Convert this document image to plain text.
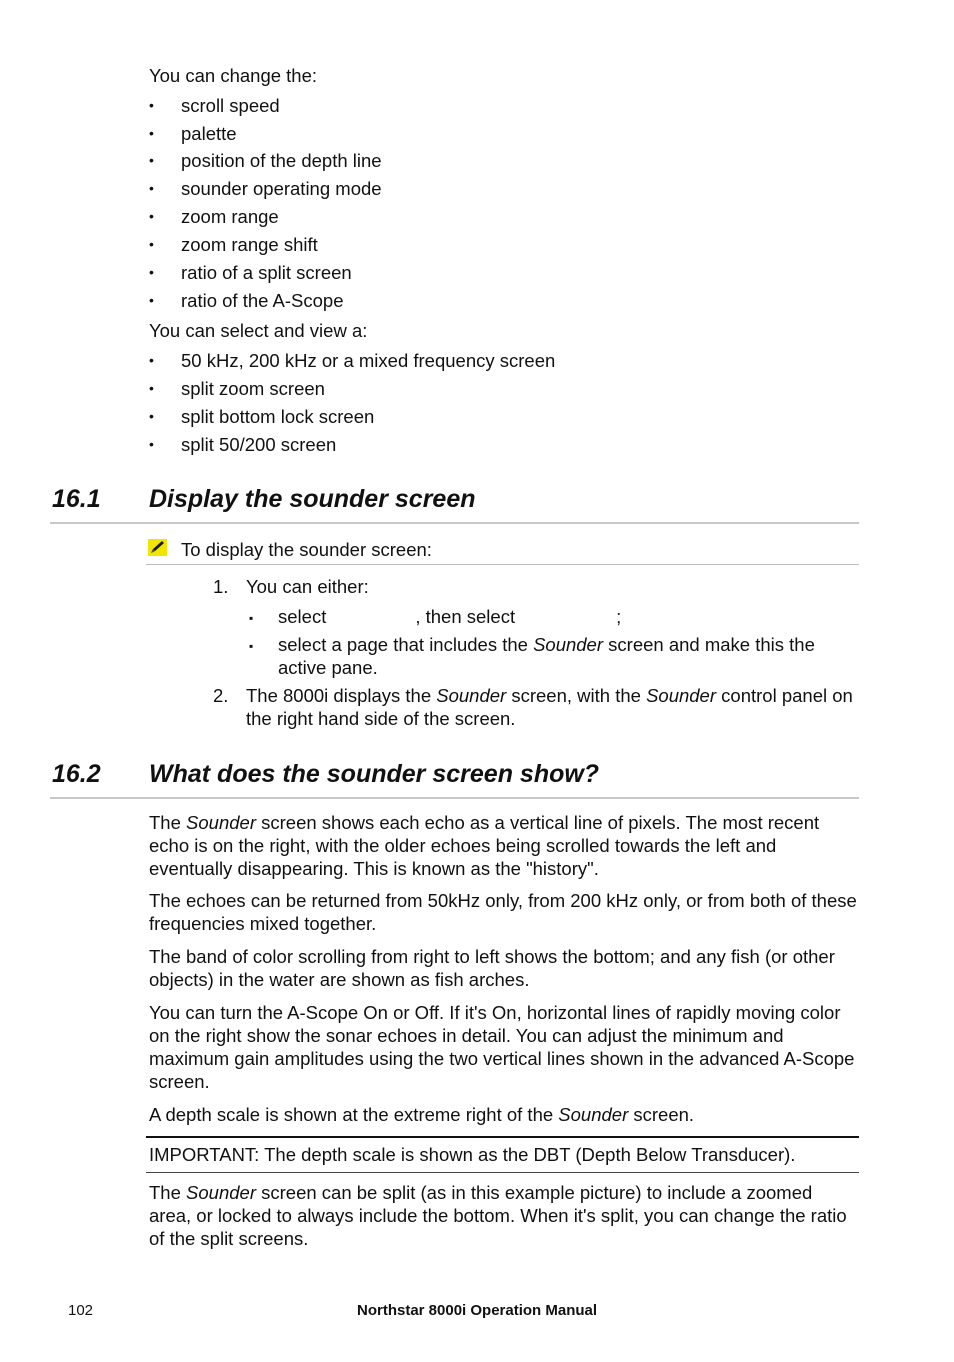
You can change the:

• scroll speed
• palette
• position of the depth line
• sounder operating mode
• zoom range
• zoom range shift
• ratio of a split screen
• ratio of the A-Scope

You can select and view a:

• 50 kHz, 200 kHz or a mixed frequency screen
• split zoom screen
• split bottom lock screen
• split 50/200 screen
16.1 Display the sounder screen
To display the sounder screen:
1. You can either:
▪ select	, then select	;
▪ select a page that includes the Sounder screen and make this the active pane.
2. The 8000i displays the Sounder screen, with the Sounder control panel on the right hand side of the screen.
16.2 What does the sounder screen show?

The Sounder screen shows each echo as a vertical line of pixels. The most recent echo is on the right, with the older echoes being scrolled towards the left and eventually disappearing. This is known as the "history".

The echoes can be returned from 50kHz only, from 200 kHz only, or from both of these frequencies mixed together.

The band of color scrolling from right to left shows the bottom; and any fish (or other objects) in the water are shown as fish arches.

You can turn the A-Scope On or Off. If it's On, horizontal lines of rapidly moving color on the right show the sonar echoes in detail. You can adjust the minimum and maximum gain amplitudes using the two vertical lines shown in the advanced A-Scope screen.

A depth scale is shown at the extreme right of the Sounder screen.

IMPORTANT: The depth scale is shown as the DBT (Depth Below Transducer).

The Sounder screen can be split (as in this example picture) to include a zoomed area, or locked to always include the bottom. When it's split, you can change the ratio of the split screens.

102	Northstar 8000i Operation Manual
